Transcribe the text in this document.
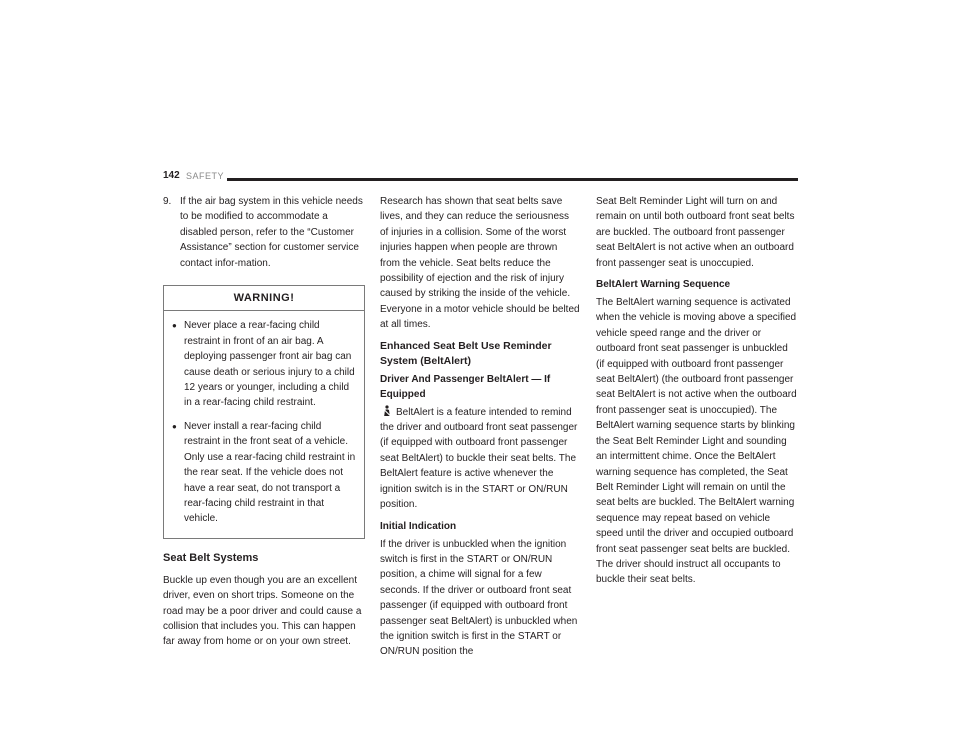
142 SAFETY
9. If the air bag system in this vehicle needs to be modified to accommodate a disabled person, refer to the “Customer Assistance” section for customer service contact infor-mation.
WARNING!
● Never place a rear-facing child restraint in front of an air bag. A deploying passenger front air bag can cause death or serious injury to a child 12 years or younger, including a child in a rear-facing child restraint.
● Never install a rear-facing child restraint in the front seat of a vehicle. Only use a rear-facing child restraint in the rear seat. If the vehicle does not have a rear seat, do not transport a rear-facing child restraint in that vehicle.
Seat Belt Systems

Buckle up even though you are an excellent driver, even on short trips. Someone on the road may be a poor driver and could cause a collision that includes you. This can happen far away from home or on your own street.

Research has shown that seat belts save lives, and they can reduce the seriousness of injuries in a collision. Some of the worst injuries happen when people are thrown from the vehicle. Seat belts reduce the possibility of ejection and the risk of injury caused by striking the inside of the vehicle. Everyone in a motor vehicle should be belted at all times.

Enhanced Seat Belt Use Reminder System (BeltAlert)
Driver And Passenger BeltAlert — If Equipped

BeltAlert is a feature intended to remind the driver and outboard front seat passenger (if equipped with outboard front passenger seat BeltAlert) to buckle their seat belts. The BeltAlert feature is active whenever the ignition switch is in the START or ON/RUN position.

Initial Indication

If the driver is unbuckled when the ignition switch is first in the START or ON/RUN position, a chime will signal for a few seconds. If the driver or outboard front seat passenger (if equipped with outboard front passenger seat BeltAlert) is unbuckled when the ignition switch is first in the START or ON/RUN position the

Seat Belt Reminder Light will turn on and remain on until both outboard front seat belts are buckled. The outboard front passenger seat BeltAlert is not active when an outboard front passenger seat is unoccupied.

BeltAlert Warning Sequence

The BeltAlert warning sequence is activated when the vehicle is moving above a specified vehicle speed range and the driver or outboard front seat passenger is unbuckled (if equipped with outboard front passenger seat BeltAlert) (the outboard front passenger seat BeltAlert is not active when the outboard front passenger seat is unoccupied). The BeltAlert warning sequence starts by blinking the Seat Belt Reminder Light and sounding an intermittent chime. Once the BeltAlert warning sequence has completed, the Seat Belt Reminder Light will remain on until the seat belts are buckled. The BeltAlert warning sequence may repeat based on vehicle speed until the driver and occupied outboard front seat passenger seat belts are buckled. The driver should instruct all occupants to buckle their seat belts.
